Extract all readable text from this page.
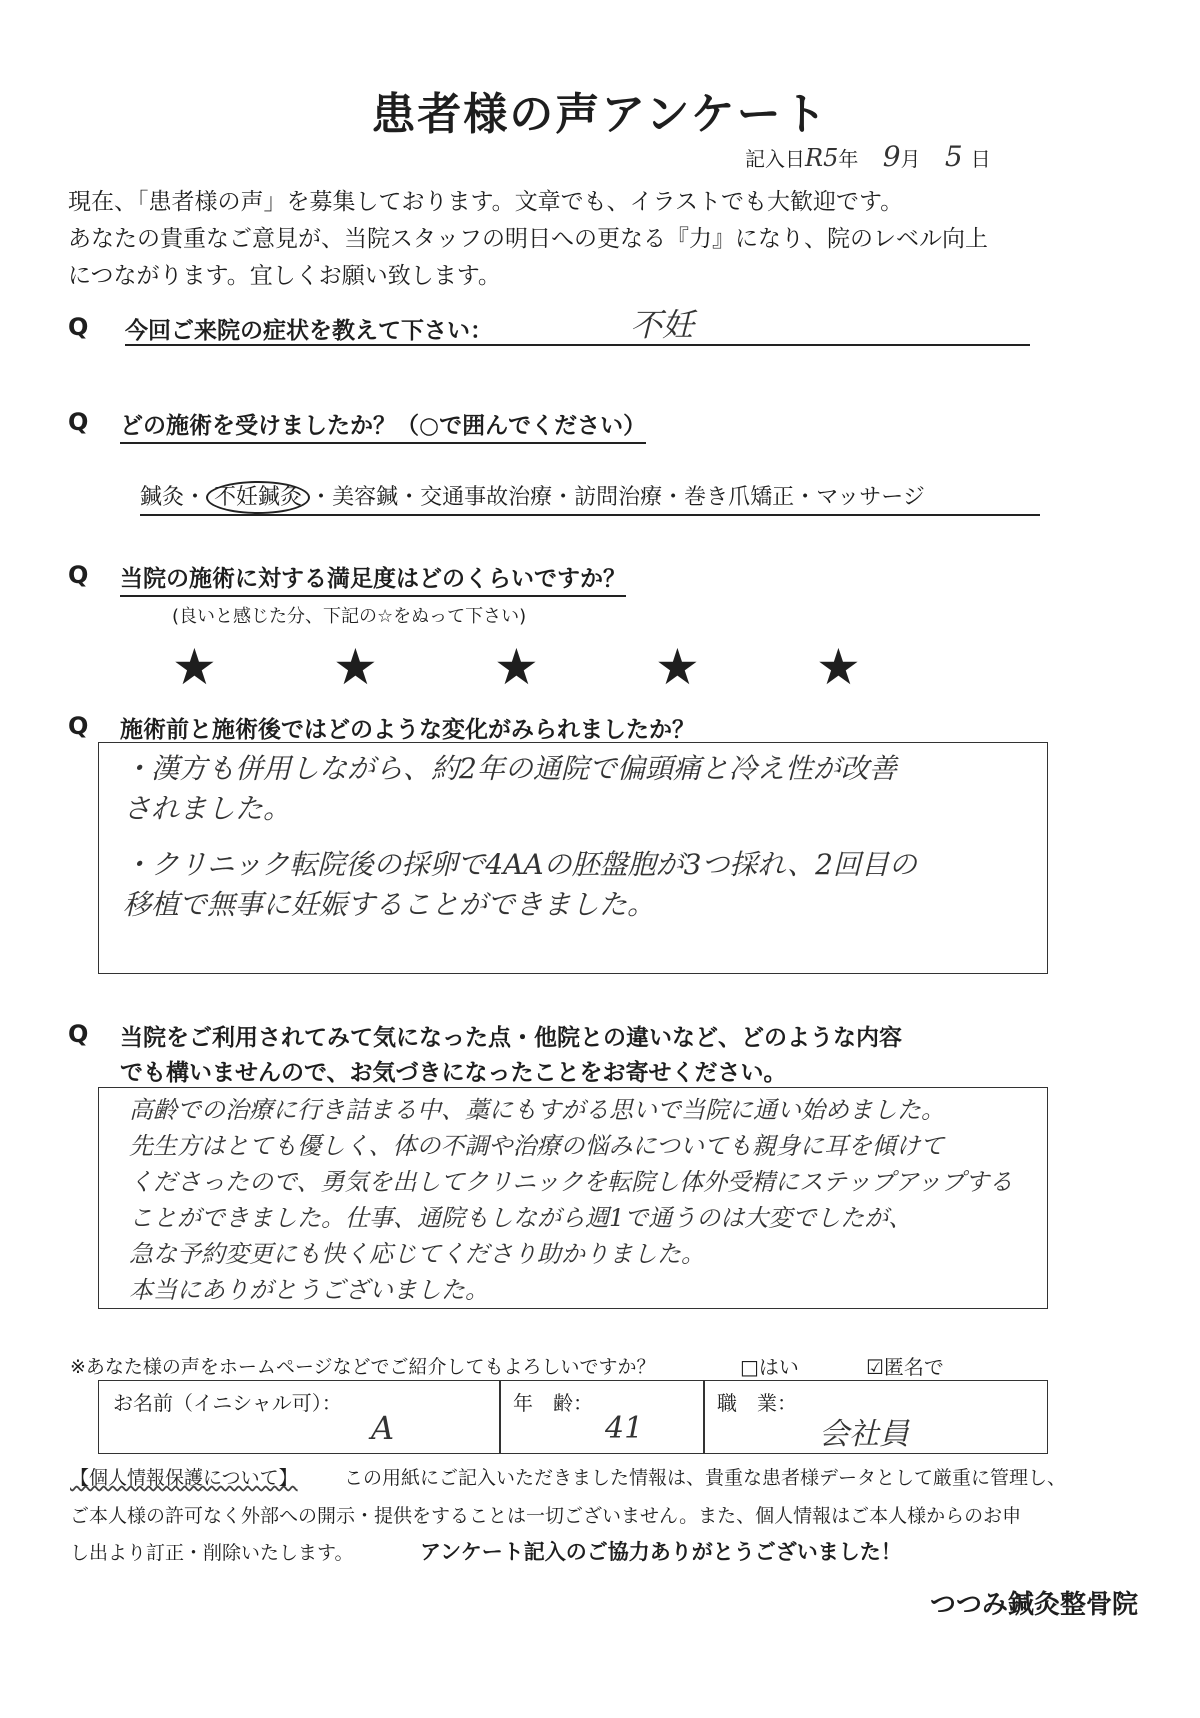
患者様の声アンケート
記入日R5年 9月 5 日
現在、「患者様の声」を募集しております。文章でも、イラストでも大歓迎です。
あなたの貴重なご意見が、当院スタッフの明日への更なる『力』になり、院のレベル向上
につながります。宜しくお願い致します。
Q 今回ご来院の症状を教えて下さい：	不妊
Q どの施術を受けましたか？（○で囲んでください）
鍼灸・ 不妊鍼灸 ・美容鍼・交通事故治療・訪問治療・巻き爪矯正・マッサージ
Q 当院の施術に対する満足度はどのくらいですか？
(良いと感じた分、下記の☆をぬって下さい)
★ ★ ★ ★ ★
Q 施術前と施術後ではどのような変化がみられましたか？
・漢方も併用しながら、約2年の通院で偏頭痛と冷え性が改善
されました。
・クリニック転院後の採卵で4AAの胚盤胞が3つ採れ、2回目の
移植で無事に妊娠することができました。
Q 当院をご利用されてみて気になった点・他院との違いなど、どのような内容
でも構いませんので、お気づきになったことをお寄せください。
高齢での治療に行き詰まる中、藁にもすがる思いで当院に通い始めました。
先生方はとても優しく、体の不調や治療の悩みについても親身に耳を傾けて
くださったので、勇気を出してクリニックを転院し体外受精にステップアップする
ことができました。仕事、通院もしながら週1で通うのは大変でしたが、
急な予約変更にも快く応じてくださり助かりました。
本当にありがとうございました。
※あなた様の声をホームページなどでご紹介してもよろしいですか？	□はい	☑匿名で
お名前（イニシャル可）：
A
年　齢：
41
職　業：
会社員
【個人情報保護について】 この用紙にご記入いただきました情報は、貴重な患者様データとして厳重に管理し、
ご本人様の許可なく外部への開示・提供をすることは一切ございません。また、個人情報はご本人様からのお申
し出より訂正・削除いたします。	アンケート記入のご協力ありがとうございました！
つつみ鍼灸整骨院
